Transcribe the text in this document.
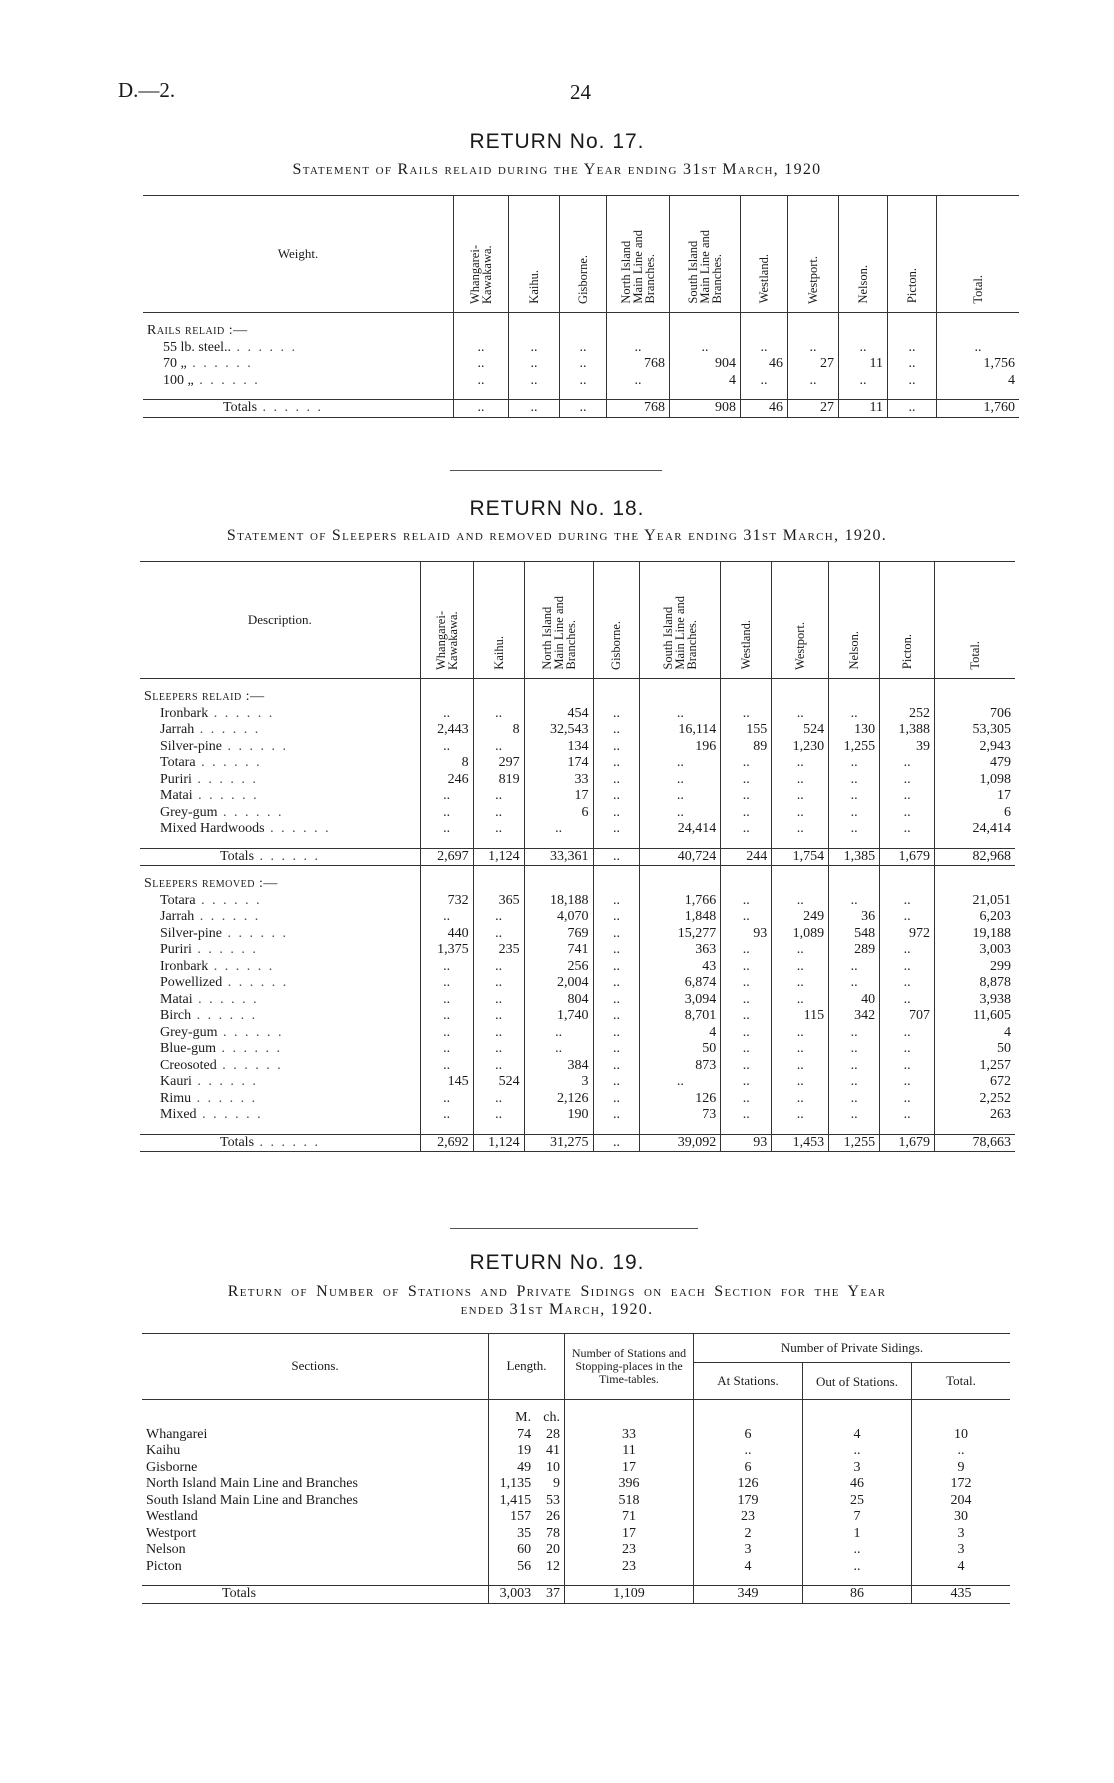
D.—2.	24
RETURN No. 17.
Statement of Rails relaid during the Year ending 31st March, 1920
Weight.	Whangarei-
Kawakawa.	Kaihu.	Gisborne.	North Island
Main Line and
Branches.	South Island
Main Line and
Branches.	Westland.	Westport.	Nelson.	Picton.	Total.

Rails relaid :—										
55 lb. steel.. . . . . . .	..	..	..	..	..	..	..	..	..	..
70 „ . . . . . .	..	..	..	768	904	46	27	11	..	1,756
100 „ . . . . . .	..	..	..	..	4	..	..	..	..	4

Totals . . . . . .	..	..	..	768	908	46	27	11	..	1,760
RETURN No. 18.
Statement of Sleepers relaid and removed during the Year ending 31st March, 1920.
Description.	Whangarei-
Kawakawa.	Kaihu.	North Island
Main Line and
Branches.	Gisborne.	South Island
Main Line and
Branches.	Westland.	Westport.	Nelson.	Picton.	Total.

Sleepers relaid :—										
Ironbark . . . . . .	..	..	454	..	..	..	..	..	252	706
Jarrah . . . . . .	2,443	8	32,543	..	16,114	155	524	130	1,388	53,305
Silver-pine . . . . . .	..	..	134	..	196	89	1,230	1,255	39	2,943
Totara . . . . . .	8	297	174	..	..	..	..	..	..	479
Puriri . . . . . .	246	819	33	..	..	..	..	..	..	1,098
Matai . . . . . .	..	..	17	..	..	..	..	..	..	17
Grey-gum . . . . . .	..	..	6	..	..	..	..	..	..	6
Mixed Hardwoods . . . . . .	..	..	..	..	24,414	..	..	..	..	24,414

Totals . . . . . .	2,697	1,124	33,361	..	40,724	244	1,754	1,385	1,679	82,968

Sleepers removed :—										
Totara . . . . . .	732	365	18,188	..	1,766	..	..	..	..	21,051
Jarrah . . . . . .	..	..	4,070	..	1,848	..	249	36	..	6,203
Silver-pine . . . . . .	440	..	769	..	15,277	93	1,089	548	972	19,188
Puriri . . . . . .	1,375	235	741	..	363	..	..	289	..	3,003
Ironbark . . . . . .	..	..	256	..	43	..	..	..	..	299
Powellized . . . . . .	..	..	2,004	..	6,874	..	..	..	..	8,878
Matai . . . . . .	..	..	804	..	3,094	..	..	40	..	3,938
Birch . . . . . .	..	..	1,740	..	8,701	..	115	342	707	11,605
Grey-gum . . . . . .	..	..	..	..	4	..	..	..	..	4
Blue-gum . . . . . .	..	..	..	..	50	..	..	..	..	50
Creosoted . . . . . .	..	..	384	..	873	..	..	..	..	1,257
Kauri . . . . . .	145	524	3	..	..	..	..	..	..	672
Rimu . . . . . .	..	..	2,126	..	126	..	..	..	..	2,252
Mixed . . . . . .	..	..	190	..	73	..	..	..	..	263

Totals . . . . . .	2,692	1,124	31,275	..	39,092	93	1,453	1,255	1,679	78,663
RETURN No. 19.
Return of Number of Stations and Private Sidings on each Section for the Year
ended 31st March, 1920.
Sections.	Length.		Number of Stations and Stopping-places in the Time-tables.	Number of Private Sidings.		
				At Stations.	Out of Stations.	Total.
	M.	ch.				
Whangarei	74	28	33	6	4	10
Kaihu	19	41	11	..	..	..
Gisborne	49	10	17	6	3	9
North Island Main Line and Branches	1,135	9	396	126	46	172
South Island Main Line and Branches	1,415	53	518	179	25	204
Westland	157	26	71	23	7	30
Westport	35	78	17	2	1	3
Nelson	60	20	23	3	..	3
Picton	56	12	23	4	..	4

Totals	3,003	37	1,109	349	86	435
